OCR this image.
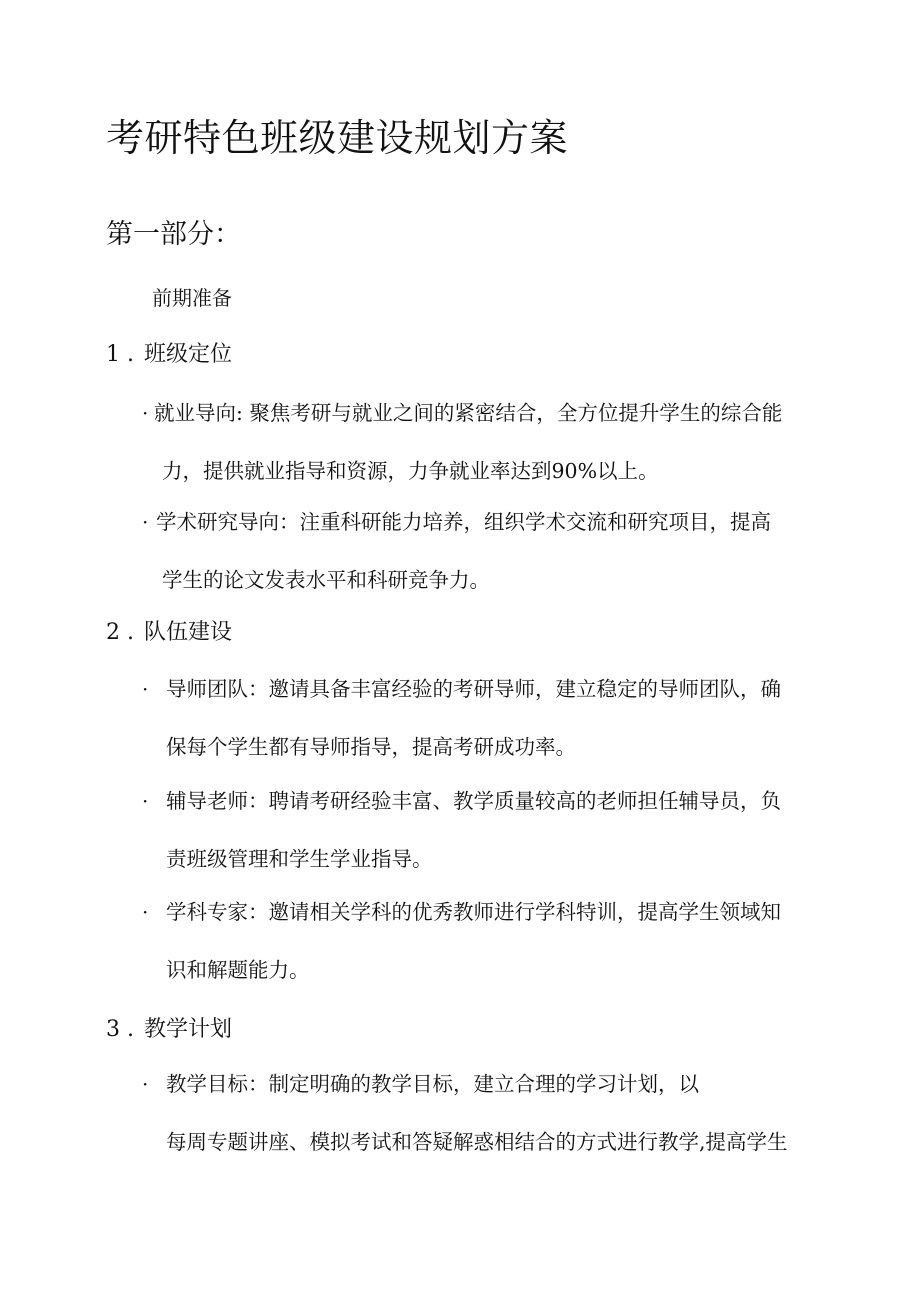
考研特色班级建设规划方案
第一部分：
前期准备
1 . 班级定位
· 就业导向: 聚焦考研与就业之间的紧密结合，全方位提升学生的综合能
力，提供就业指导和资源，力争就业率达到90%以上。
· 学术研究导向：注重科研能力培养，组织学术交流和研究项目，提高
学生的论文发表水平和科研竞争力。
2 . 队伍建设
· 导师团队：邀请具备丰富经验的考研导师，建立稳定的导师团队，确
保每个学生都有导师指导，提高考研成功率。
· 辅导老师：聘请考研经验丰富、教学质量较高的老师担任辅导员，负
责班级管理和学生学业指导。
· 学科专家：邀请相关学科的优秀教师进行学科特训，提高学生领域知
识和解题能力。
3 . 教学计划
· 教学目标：制定明确的教学目标，建立合理的学习计划，以
每周专题讲座、模拟考试和答疑解惑相结合的方式进行教学,提高学生
